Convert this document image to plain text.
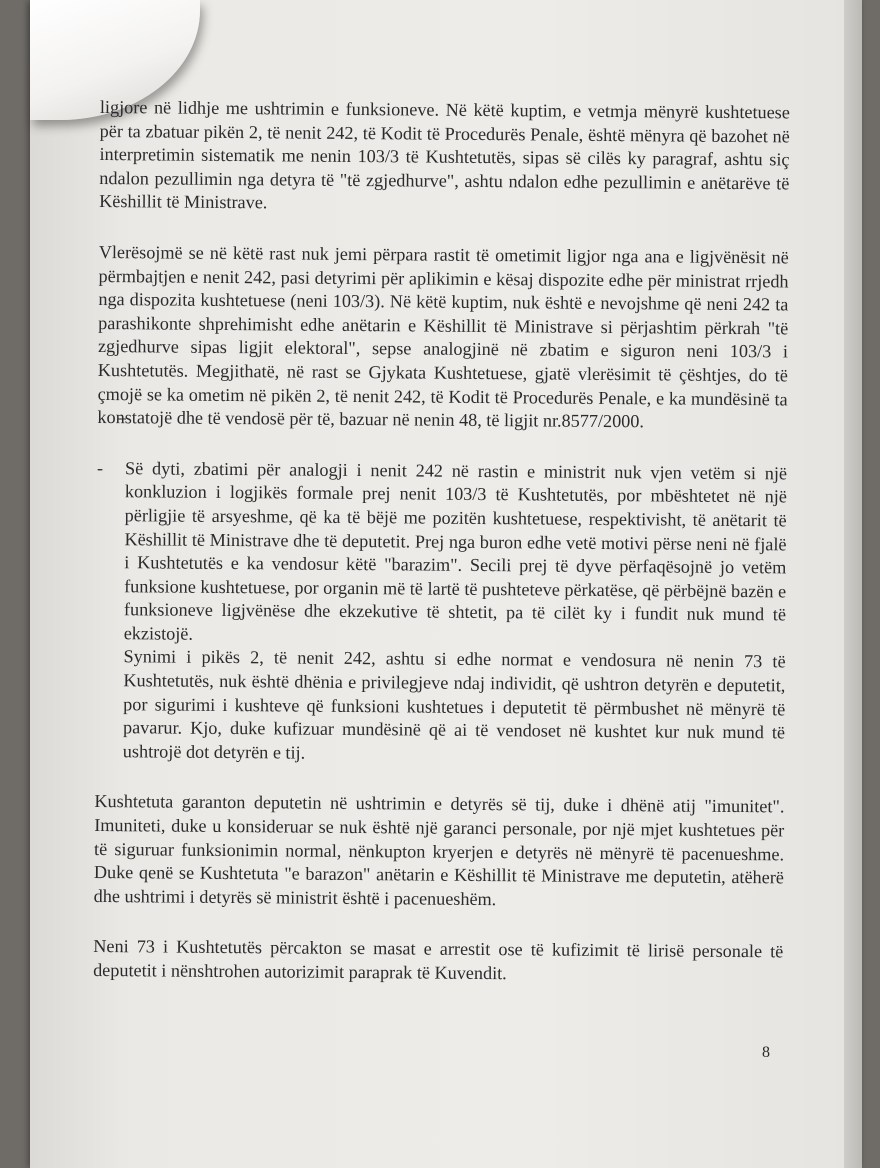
ligjore në lidhje me ushtrimin e funksioneve. Në këtë kuptim, e vetmja mënyrë kushtetuese për ta zbatuar pikën 2, të nenit 242, të Kodit të Procedurës Penale, është mënyra që bazohet në interpretimin sistematik me nenin 103/3 të Kushtetutës, sipas së cilës ky paragraf, ashtu siç ndalon pezullimin nga detyra të "të zgjedhurve", ashtu ndalon edhe pezullimin e anëtarëve të Këshillit të Ministrave.

Vlerësojmë se në këtë rast nuk jemi përpara rastit të ometimit ligjor nga ana e ligjvënësit në përmbajtjen e nenit 242, pasi detyrimi për aplikimin e kësaj dispozite edhe për ministrat rrjedh nga dispozita kushtetuese (neni 103/3). Në këtë kuptim, nuk është e nevojshme që neni 242 ta parashikonte shprehimisht edhe anëtarin e Këshillit të Ministrave si përjashtim përkrah "të zgjedhurve sipas ligjit elektoral", sepse analogjinë në zbatim e siguron neni 103/3 i Kushtetutës. Megjithatë, në rast se Gjykata Kushtetuese, gjatë vlerësimit të çështjes, do të çmojë se ka ometim në pikën 2, të nenit 242, të Kodit të Procedurës Penale, e ka mundësinë ta konstatojë dhe të vendosë për të, bazuar në nenin 48, të ligjit nr.8577/2000.

- Së dyti, zbatimi për analogji i nenit 242 në rastin e ministrit nuk vjen vetëm si një konkluzion i logjikës formale prej nenit 103/3 të Kushtetutës, por mbështetet në një përligjie të arsyeshme, që ka të bëjë me pozitën kushtetuese, respektivisht, të anëtarit të Këshillit të Ministrave dhe të deputetit. Prej nga buron edhe vetë motivi përse neni në fjalë i Kushtetutës e ka vendosur këtë "barazim". Secili prej të dyve përfaqësojnë jo vetëm funksione kushtetuese, por organin më të lartë të pushteteve përkatëse, që përbëjnë bazën e funksioneve ligjvënëse dhe ekzekutive të shtetit, pa të cilët ky i fundit nuk mund të ekzistojë.

Synimi i pikës 2, të nenit 242, ashtu si edhe normat e vendosura në nenin 73 të Kushtetutës, nuk është dhënia e privilegjeve ndaj individit, që ushtron detyrën e deputetit, por sigurimi i kushteve që funksioni kushtetues i deputetit të përmbushet në mënyrë të pavarur. Kjo, duke kufizuar mundësinë që ai të vendoset në kushtet kur nuk mund të ushtrojë dot detyrën e tij.

Kushtetuta garanton deputetin në ushtrimin e detyrës së tij, duke i dhënë atij "imunitet". Imuniteti, duke u konsideruar se nuk është një garanci personale, por një mjet kushtetues për të siguruar funksionimin normal, nënkupton kryerjen e detyrës në mënyrë të pacenueshme. Duke qenë se Kushtetuta "e barazon" anëtarin e Këshillit të Ministrave me deputetin, atëherë dhe ushtrimi i detyrës së ministrit është i pacenueshëm.

Neni 73 i Kushtetutës përcakton se masat e arrestit ose të kufizimit të lirisë personale të deputetit i nënshtrohen autorizimit paraprak të Kuvendit.

8
